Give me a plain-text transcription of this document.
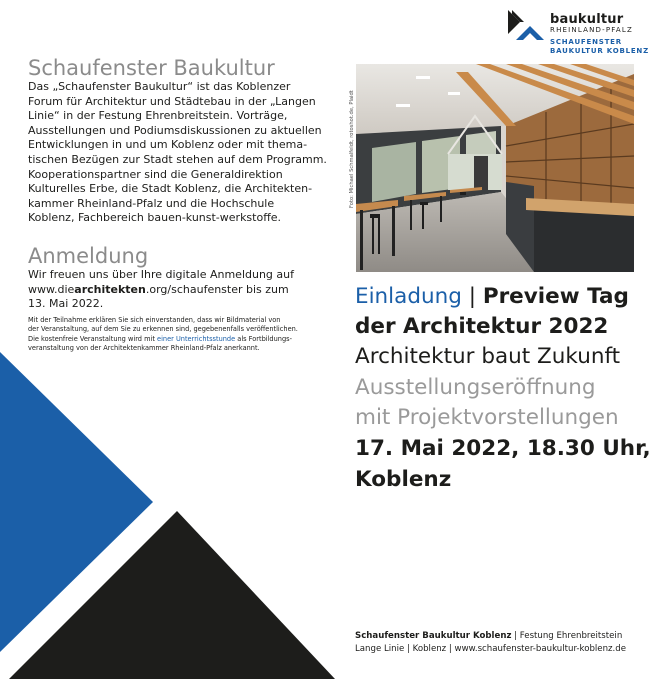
baukultur
RHEINLAND-PFALZ
SCHAUFENSTER
BAUKULTUR KOBLENZ
Schaufenster Baukultur
Das „Schaufenster Baukultur“ ist das Koblenzer
Forum für Architektur und Städtebau in der „Langen
Linie“ in der Festung Ehrenbreitstein. Vorträge,
Ausstellungen und Podiumsdiskussionen zu aktuellen
Entwicklungen in und um Koblenz oder mit thema-
tischen Bezügen zur Stadt stehen auf dem Programm.
Kooperationspartner sind die Generaldirektion
Kulturelles Erbe, die Stadt Koblenz, die Architekten-
kammer Rheinland-Pfalz und die Hochschule
Koblenz, Fachbereich bauen-kunst-werkstoffe.
Anmeldung
Wir freuen uns über Ihre digitale Anmeldung auf
www.diearchitekten.org/schaufenster bis zum
13. Mai 2022.
Mit der Teilnahme erklären Sie sich einverstanden, dass wir Bildmaterial von
der Veranstaltung, auf dem Sie zu erkennen sind, gegebenenfalls veröffentlichen.
Die kostenfreie Veranstaltung wird mit einer Unterrichtsstunde als Fortbildungs-
veranstaltung von der Architektenkammer Rheinland-Pfalz anerkannt.
Foto: Michael Schmalfeldt, rotoshot.de, Plaidt
Einladung | Preview Tag
der Architektur 2022
Architektur baut Zukunft
Ausstellungseröffnung
mit Projektvorstellungen
17. Mai 2022, 18.30 Uhr,
Koblenz
Schaufenster Baukultur Koblenz | Festung Ehrenbreitstein
Lange Linie | Koblenz | www.schaufenster-baukultur-koblenz.de
